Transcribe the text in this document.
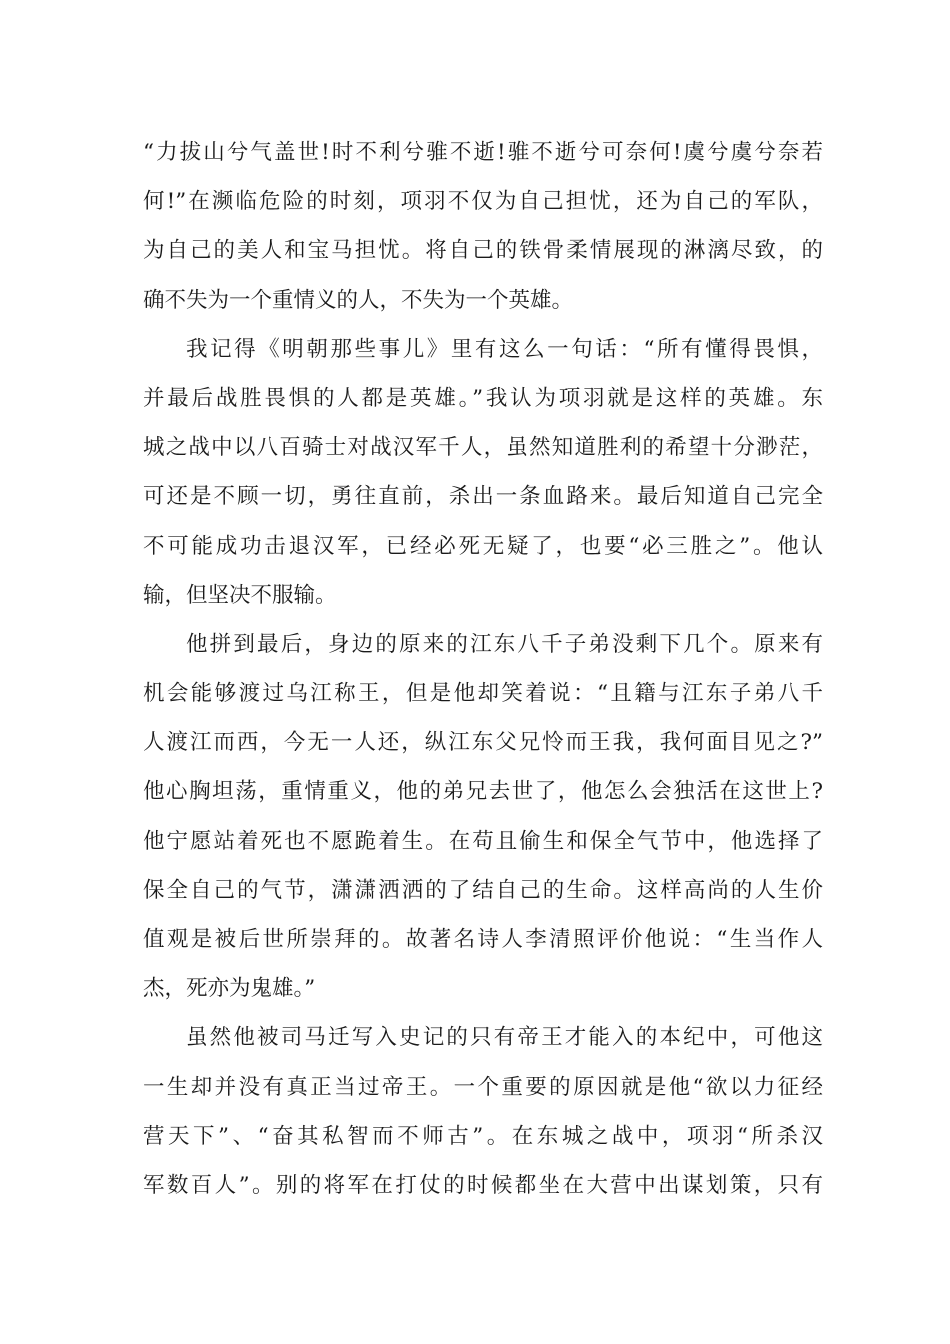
“力拔山兮气盖世!时不利兮骓不逝!骓不逝兮可奈何!虞兮虞兮奈若
何!”在濒临危险的时刻，项羽不仅为自己担忧，还为自己的军队，
为自己的美人和宝马担忧。将自己的铁骨柔情展现的淋漓尽致，的
确不失为一个重情义的人，不失为一个英雄。
我记得《明朝那些事儿》里有这么一句话：“所有懂得畏惧，
并最后战胜畏惧的人都是英雄。”我认为项羽就是这样的英雄。东
城之战中以八百骑士对战汉军千人，虽然知道胜利的希望十分渺茫，
可还是不顾一切，勇往直前，杀出一条血路来。最后知道自己完全
不可能成功击退汉军，已经必死无疑了，也要“必三胜之”。他认
输，但坚决不服输。
他拼到最后，身边的原来的江东八千子弟没剩下几个。原来有
机会能够渡过乌江称王，但是他却笑着说：“且籍与江东子弟八千
人渡江而西，今无一人还，纵江东父兄怜而王我，我何面目见之?”
他心胸坦荡，重情重义，他的弟兄去世了，他怎么会独活在这世上?
他宁愿站着死也不愿跪着生。在苟且偷生和保全气节中，他选择了
保全自己的气节，潇潇洒洒的了结自己的生命。这样高尚的人生价
值观是被后世所崇拜的。故著名诗人李清照评价他说：“生当作人
杰，死亦为鬼雄。”
虽然他被司马迁写入史记的只有帝王才能入的本纪中，可他这
一生却并没有真正当过帝王。一个重要的原因就是他“欲以力征经
营天下”、“奋其私智而不师古”。在东城之战中，项羽“所杀汉
军数百人”。别的将军在打仗的时候都坐在大营中出谋划策，只有
